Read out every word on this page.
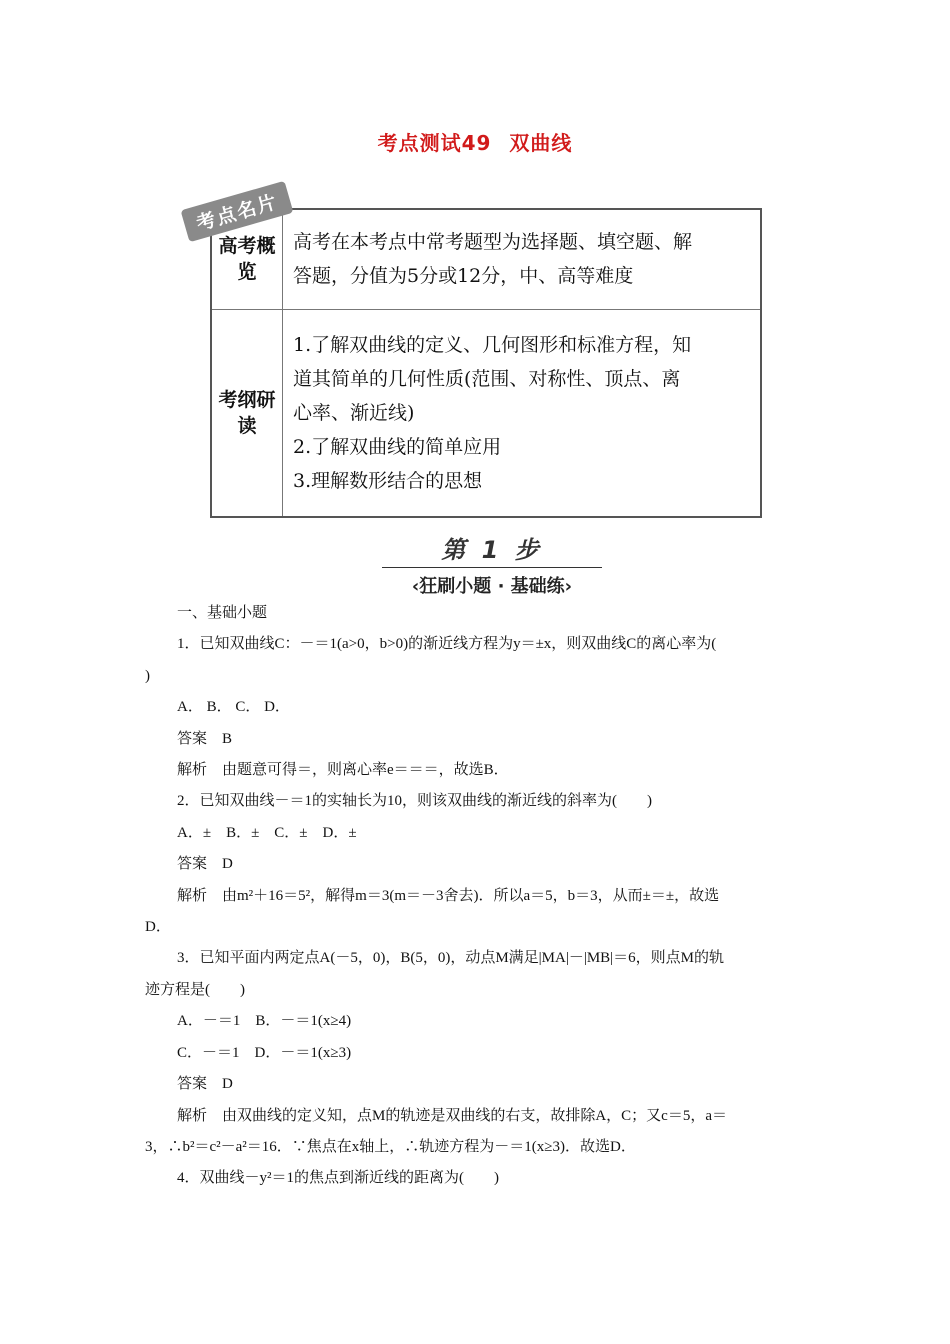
考点测试49 双曲线
考点名片
高考概览	高考在本考点中常考题型为选择题、填空题、解
答题，分值为5分或12分，中、高等难度

考纲研读	1.了解双曲线的定义、几何图形和标准方程，知
道其简单的几何性质(范围、对称性、顶点、离
心率、渐近线)
2.了解双曲线的简单应用
3.理解数形结合的思想
第 1 步
‹狂刷小题 · 基础练›

一、基础小题

1．已知双曲线C：－＝1(a>0，b>0)的渐近线方程为y＝±x，则双曲线C的离心率为(

)

A． B． C． D．

答案　B

解析　由题意可得＝，则离心率e＝＝＝，故选B．

2．已知双曲线－＝1的实轴长为10，则该双曲线的渐近线的斜率为(　　)

A．±　B．±　C．±　D．±

答案　D

解析　由m²＋16＝5²，解得m＝3(m＝－3舍去)．所以a＝5，b＝3，从而±＝±，故选

D．

3．已知平面内两定点A(－5，0)，B(5，0)，动点M满足|MA|－|MB|＝6，则点M的轨

迹方程是(　　)

A．－＝1　B．－＝1(x≥4)

C．－＝1　D．－＝1(x≥3)

答案　D

解析　由双曲线的定义知，点M的轨迹是双曲线的右支，故排除A，C；又c＝5，a＝

3，∴b²＝c²－a²＝16．∵焦点在x轴上，∴轨迹方程为－＝1(x≥3)．故选D．

4．双曲线－y²＝1的焦点到渐近线的距离为(　　)
